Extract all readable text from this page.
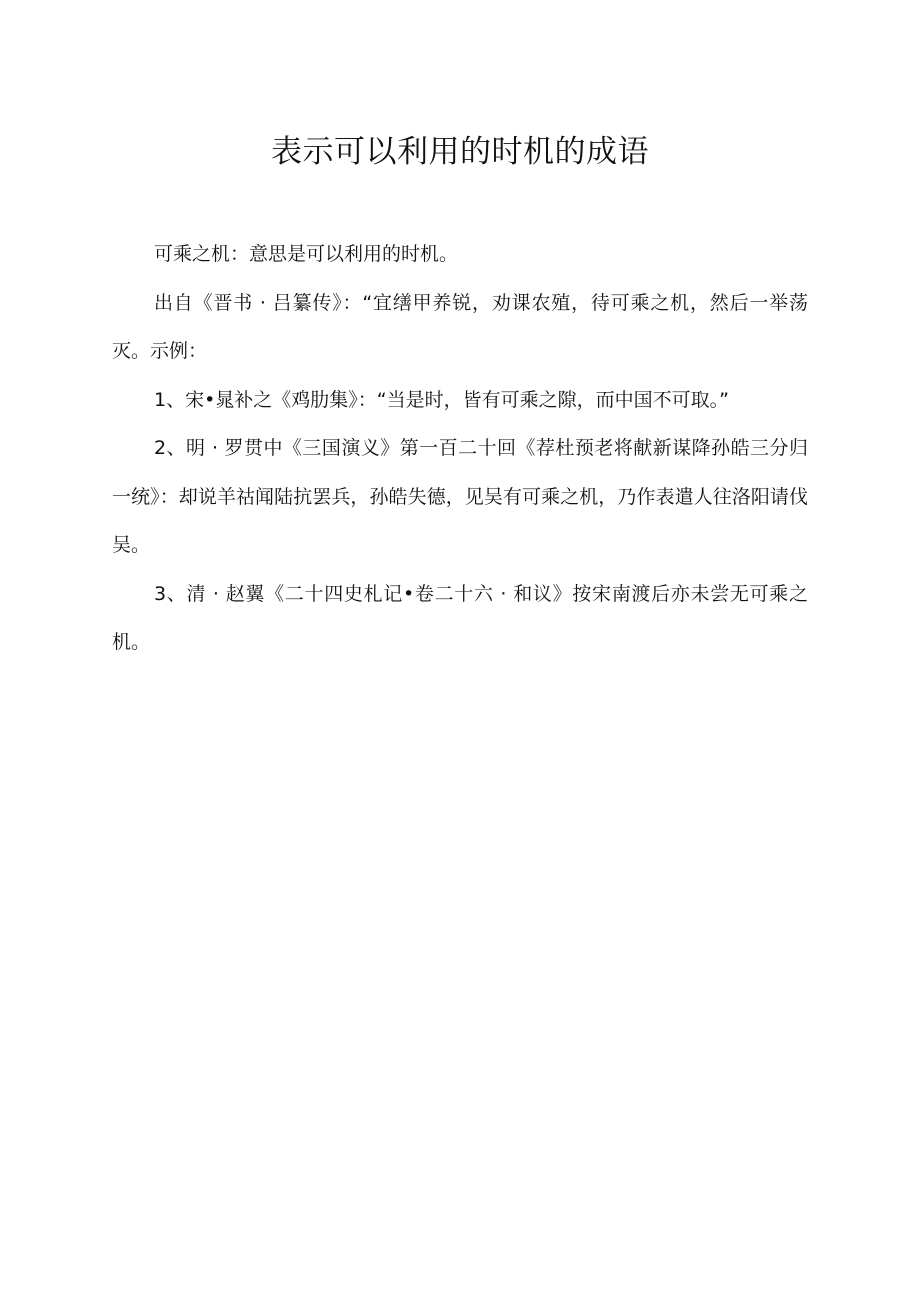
表示可以利用的时机的成语

可乘之机：意思是可以利用的时机。

出自《晋书 · 吕纂传》：“宜缮甲养锐，劝课农殖，待可乘之机，然后一举荡灭。示例：

1、宋•晁补之《鸡肋集》：“当是时，皆有可乘之隙，而中国不可取。”

2、明 · 罗贯中《三国演义》第一百二十回《荐杜预老将献新谋降孙皓三分归一统》：却说羊祜闻陆抗罢兵，孙皓失德，见吴有可乘之机，乃作表遣人往洛阳请伐吴。

3、清 · 赵翼《二十四史札记•卷二十六 · 和议》按宋南渡后亦未尝无可乘之机。
